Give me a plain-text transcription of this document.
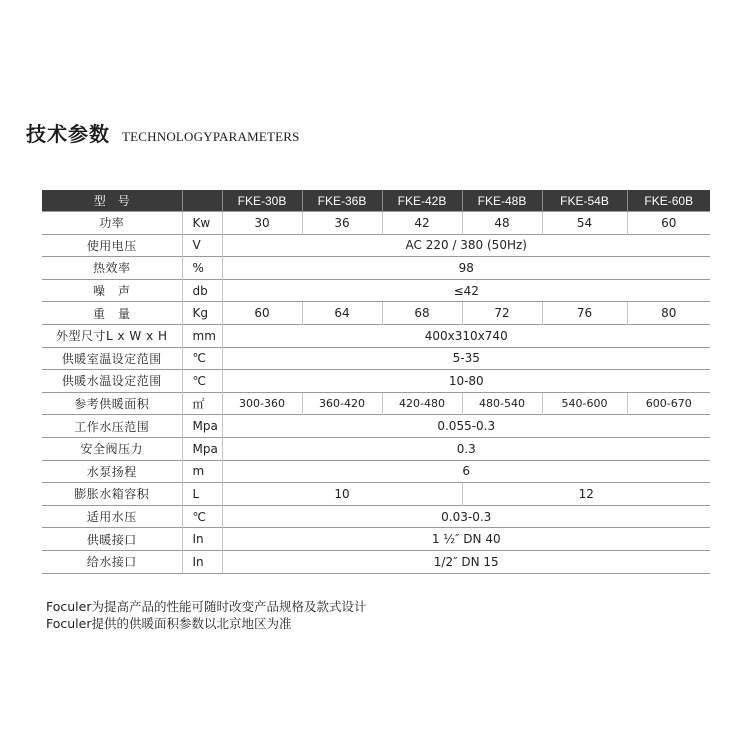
技术参数 TECHNOLOGYPARAMETERS
型　号		FKE-30B	FKE-36B	FKE-42B	FKE-48B	FKE-54B	FKE-60B
功率	Kw	30	36	42	48	54	60
使用电压	V	AC 220 / 380 (50Hz)					
热效率	%	98					
噪　声	db	≤42					
重　量	Kg	60	64	68	72	76	80
外型尺寸L x W x H	mm	400x310x740					
供暖室温设定范围	℃	5-35					
供暖水温设定范围	℃	10-80					
参考供暖面积	㎡	300-360	360-420	420-480	480-540	540-600	600-670
工作水压范围	Mpa	0.055-0.3					
安全阀压力	Mpa	0.3					
水泵扬程	m	6					
膨胀水箱容积	L	10			12		
适用水压	℃	0.03-0.3					
供暖接口	In	1 ½″ DN 40					
给水接口	In	1/2″ DN 15					
Foculer为提高产品的性能可随时改变产品规格及款式设计
Foculer提供的供暖面积参数以北京地区为准
